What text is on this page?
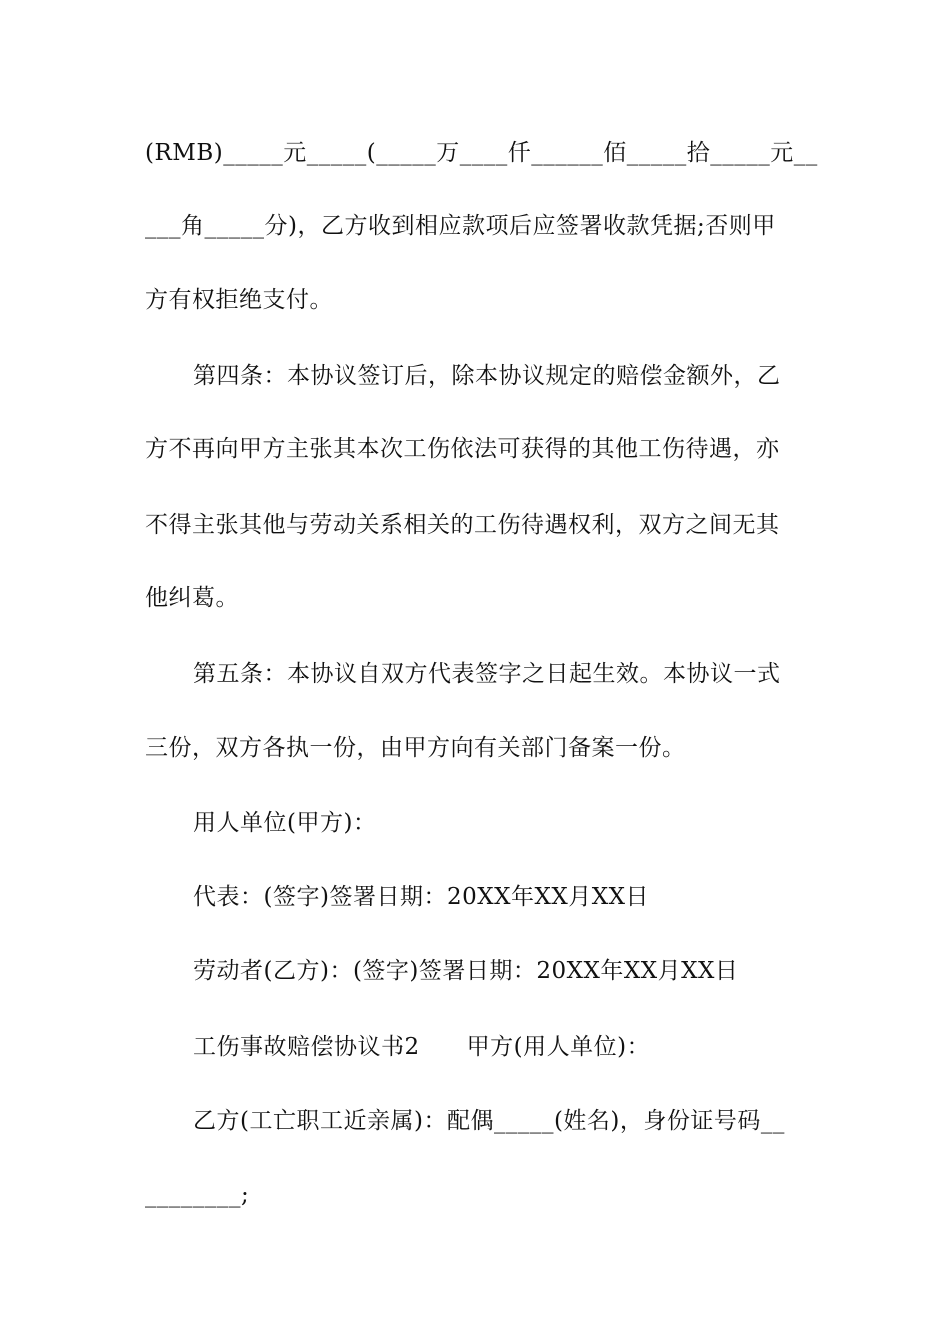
(RMB)_____元_____(_____万____仟______佰_____拾_____元__
___角_____分)，乙方收到相应款项后应签署收款凭据;否则甲
方有权拒绝支付。
第四条：本协议签订后，除本协议规定的赔偿金额外，乙
方不再向甲方主张其本次工伤依法可获得的其他工伤待遇，亦
不得主张其他与劳动关系相关的工伤待遇权利，双方之间无其
他纠葛。
第五条：本协议自双方代表签字之日起生效。本协议一式
三份，双方各执一份，由甲方向有关部门备案一份。
用人单位(甲方)：
代表：(签字)签署日期：20XX年XX月XX日
劳动者(乙方)：(签字)签署日期：20XX年XX月XX日
工伤事故赔偿协议书2　　甲方(用人单位)：
乙方(工亡职工近亲属)：配偶_____(姓名)，身份证号码__
________;
